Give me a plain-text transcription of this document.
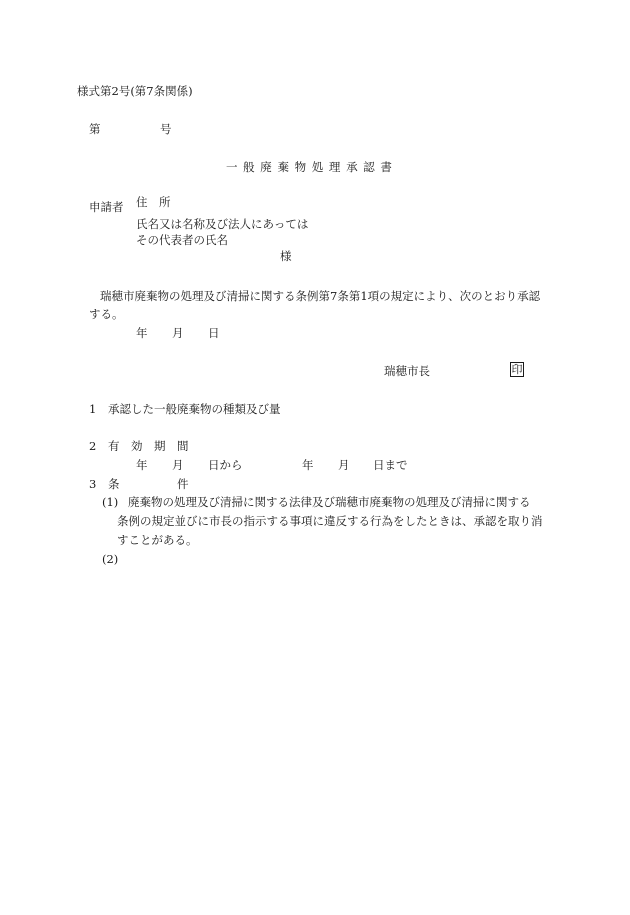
様式第2号(第7条関係)
第	号
一 般 廃 棄 物 処 理 承 認 書
申請者 住　所
氏名又は名称及び法人にあっては
その代表者の氏名
様
瑞穂市廃棄物の処理及び清掃に関する条例第7条第1項の規定により、次のとおり承認
する。
年 月 日
瑞穂市長	印
1 承認した一般廃棄物の種類及び量
2 有　効　期　間
年 月 日から	年 月 日まで
3 条　　　　　件
(1) 廃棄物の処理及び清掃に関する法律及び瑞穂市廃棄物の処理及び清掃に関する
条例の規定並びに市長の指示する事項に違反する行為をしたときは、承認を取り消
すことがある。
(2)
